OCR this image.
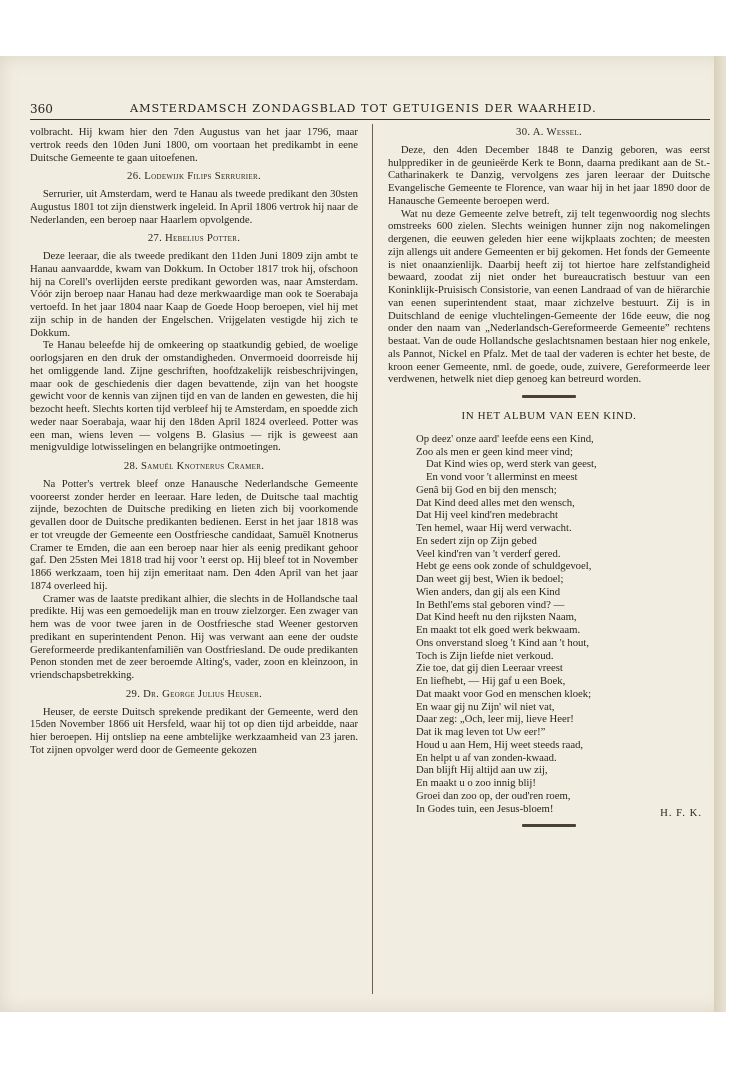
360	AMSTERDAMSCH ZONDAGSBLAD TOT GETUIGENIS DER WAARHEID.

volbracht. Hij kwam hier den 7den Augustus van het jaar 1796, maar vertrok reeds den 10den Juni 1800, om voortaan het predikambt in eene Duitsche Gemeente te gaan uitoefenen.

26. Lodewijk Filips Serrurier.

Serrurier, uit Amsterdam, werd te Hanau als tweede predikant den 30sten Augustus 1801 tot zijn dienstwerk ingeleid. In April 1806 vertrok hij naar de Nederlanden, een beroep naar Haarlem opvolgende.

27. Hebelius Potter.

Deze leeraar, die als tweede predikant den 11den Juni 1809 zijn ambt te Hanau aanvaardde, kwam van Dokkum. In October 1817 trok hij, ofschoon hij na Corell's overlijden eerste predikant geworden was, naar Amsterdam. Vóór zijn beroep naar Hanau had deze merkwaardige man ook te Soerabaja vertoefd. In het jaar 1804 naar Kaap de Goede Hoop beroepen, viel hij met zijn schip in de handen der Engelschen. Vrijgelaten vestigde hij zich te Dokkum.

Te Hanau beleefde hij de omkeering op staatkundig gebied, de woelige oorlogsjaren en den druk der omstandigheden. Onvermoeid doorreisde hij het omliggende land. Zijne geschriften, hoofdzakelijk reisbeschrijvingen, maar ook de geschiedenis dier dagen bevattende, zijn van het hoogste gewicht voor de kennis van zijnen tijd en van de landen en gewesten, die hij bezocht heeft. Slechts korten tijd verbleef hij te Amsterdam, en spoedde zich weder naar Soerabaja, waar hij den 18den April 1824 overleed. Potter was een man, wiens leven — volgens B. Glasius — rijk is geweest aan menigvuldige lotwisselingen en belangrijke ontmoetingen.

28. Samuël Knotnerus Cramer.

Na Potter's vertrek bleef onze Hanausche Nederlandsche Gemeente vooreerst zonder herder en leeraar. Hare leden, de Duitsche taal machtig zijnde, bezochten de Duitsche prediking en lieten zich bij voorkomende gevallen door de Duitsche predikanten bedienen. Eerst in het jaar 1818 was er tot vreugde der Gemeente een Oostfriesche candidaat, Samuël Knotnerus Cramer te Emden, die aan een beroep naar hier als eenig predikant gehoor gaf. Den 25sten Mei 1818 trad hij voor 't eerst op. Hij bleef tot in November 1866 werkzaam, toen hij zijn emeritaat nam. Den 4den April van het jaar 1874 overleed hij.

Cramer was de laatste predikant alhier, die slechts in de Hollandsche taal predikte. Hij was een gemoedelijk man en trouw zielzorger. Een zwager van hem was de voor twee jaren in de Oostfriesche stad Weener gestorven predikant en superintendent Penon. Hij was verwant aan eene der oudste Gereformeerde predikantenfamiliën van Oostfriesland. De oude predikanten Penon stonden met de zeer beroemde Alting's, vader, zoon en kleinzoon, in vriendschapsbetrekking.

29. Dr. George Julius Heuser.

Heuser, de eerste Duitsch sprekende predikant der Gemeente, werd den 15den November 1866 uit Hersfeld, waar hij tot op dien tijd arbeidde, naar hier beroepen. Hij ontsliep na eene ambtelijke werkzaamheid van 23 jaren. Tot zijnen opvolger werd door de Gemeente gekozen

30. A. Wessel.

Deze, den 4den December 1848 te Danzig geboren, was eerst hulpprediker in de geunieërde Kerk te Bonn, daarna predikant aan de St.-Catharinakerk te Danzig, vervolgens zes jaren leeraar der Duitsche Evangelische Gemeente te Florence, van waar hij in het jaar 1890 door de Hanausche Gemeente beroepen werd.

Wat nu deze Gemeente zelve betreft, zij telt tegenwoordig nog slechts omstreeks 600 zielen. Slechts weinigen hunner zijn nog nakomelingen dergenen, die eeuwen geleden hier eene wijkplaats zochten; de meesten zijn allengs uit andere Gemeenten er bij gekomen. Het fonds der Gemeente is niet onaanzienlijk. Daarbij heeft zij tot hiertoe hare zelfstandigheid bewaard, zoodat zij niet onder het bureaucratisch bestuur van een Koninklijk-Pruisisch Consistorie, van eenen Landraad of van de hiërarchie van eenen superintendent staat, maar zichzelve bestuurt. Zij is in Duitschland de eenige vluchtelingen-Gemeente der 16de eeuw, die nog onder den naam van „Nederlandsch-Gereformeerde Gemeente” rechtens bestaat. Van de oude Hollandsche geslachtsnamen bestaan hier nog enkele, als Pannot, Nickel en Pfalz. Met de taal der vaderen is echter het beste, de kroon eener Gemeente, nml. de goede, oude, zuivere, Gereformeerde leer verdwenen, hetwelk niet diep genoeg kan betreurd worden.

IN HET ALBUM VAN EEN KIND.
Op deez' onze aard' leefde eens een Kind,
Zoo als men er geen kind meer vind;
Dat Kind wies op, werd sterk van geest,
En vond voor 't allerminst en meest
Genâ bij God en bij den mensch;
Dat Kind deed alles met den wensch,
Dat Hij veel kind'ren medebracht
Ten hemel, waar Hij werd verwacht.
En sedert zijn op Zijn gebed
Veel kind'ren van 't verderf gered.
Hebt ge eens ook zonde of schuldgevoel,
Dan weet gij best, Wien ik bedoel;
Wien anders, dan gij als een Kind
In Bethl'ems stal geboren vind? —
Dat Kind heeft nu den rijksten Naam,
En maakt tot elk goed werk bekwaam.
Ons onverstand sloeg 't Kind aan 't hout,
Toch is Zijn liefde niet verkoud.
Zie toe, dat gij dien Leeraar vreest
En liefhebt, — Hij gaf u een Boek,
Dat maakt voor God en menschen kloek;
En waar gij nu Zijn' wil niet vat,
Daar zeg: „Och, leer mij, lieve Heer!
Dat ik mag leven tot Uw eer!”
Houd u aan Hem, Hij weet steeds raad,
En helpt u af van zonden-kwaad.
Dan blijft Hij altijd aan uw zij,
En maakt u o zoo innig blij!
Groei dan zoo op, der oud'ren roem,
In Godes tuin, een Jesus-bloem!	H. F. K.
